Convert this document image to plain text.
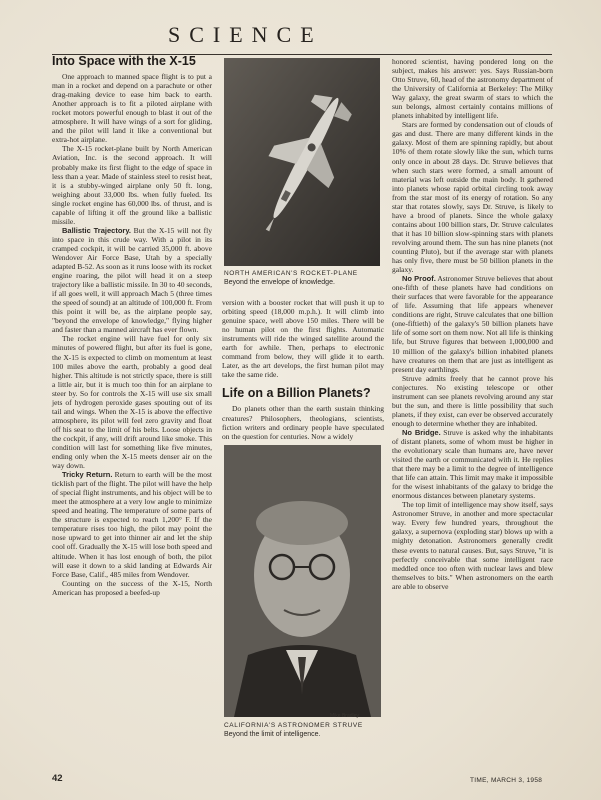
SCIENCE
Into Space with the X-15

One approach to manned space flight is to put a man in a rocket and depend on a parachute or other drag-making device to ease him back to earth. Another approach is to fit a piloted airplane with rocket motors powerful enough to blast it out of the atmosphere. It will have wings of a sort for gliding, and the pilot will land it like a conventional but extra-hot airplane.

The X-15 rocket-plane built by North American Aviation, Inc. is the second approach. It will probably make its first flight to the edge of space in less than a year. Made of stainless steel to resist heat, it is a stubby-winged airplane only 50 ft. long, weighing about 33,000 lbs. when fully fueled. Its single rocket engine has 60,000 lbs. of thrust, and is capable of lifting it off the ground like a ballistic missile.

Ballistic Trajectory. But the X-15 will not fly into space in this crude way. With a pilot in its cramped cockpit, it will be carried 35,000 ft. above Wendover Air Force Base, Utah by a specially adapted B-52. As soon as it runs loose with its rocket engine roaring, the pilot will head it on a steep trajectory like a ballistic missile. In 30 to 40 seconds, if all goes well, it will approach Mach 5 (three times the speed of sound) at an altitude of 100,000 ft. From this point it will be, as the airplane people say, "beyond the envelope of knowledge," flying higher and faster than a manned aircraft has ever flown.

The rocket engine will have fuel for only six minutes of powered flight, but after its fuel is gone, the X-15 is expected to climb on momentum at least 100 miles above the earth, probably a good deal higher. This altitude is not strictly space, there is still a little air, but it is much too thin for an airplane to steer by. So for controls the X-15 will use six small jets of hydrogen peroxide gases spouting out of its tail and wings. When the X-15 is above the effective atmosphere, its pilot will feel zero gravity and float off his seat to the limit of his belts. Loose objects in the cockpit, if any, will drift around like smoke. This condition will last for something like five minutes, ending only when the X-15 meets denser air on the way down.

Tricky Return. Return to earth will be the most ticklish part of the flight. The pilot will have the help of special flight instruments, and his object will be to meet the atmosphere at a very low angle to minimize speed and heating. The temperature of some parts of the structure is expected to reach 1,200° F. If the temperature rises too high, the pilot may point the nose upward to get into thinner air and let the ship cool off. Gradually the X-15 will lose both speed and altitude. When it has lost enough of both, the pilot will ease it down to a skid landing at Edwards Air Force Base, Calif., 485 miles from Wendover.

Counting on the success of the X-15, North American has proposed a beefed-up

NORTH AMERICAN'S ROCKET-PLANE
Beyond the envelope of knowledge.

version with a booster rocket that will push it up to orbiting speed (18,000 m.p.h.). It will climb into genuine space, well above 150 miles. There will be no human pilot on the first flights. Automatic instruments will ride the winged satellite around the earth for awhile. Then, perhaps to electronic command from below, they will glide it to earth. Later, as the art develops, the first human pilot may take the same ride.

Life on a Billion Planets?

Do planets other than the earth sustain thinking creatures? Philosophers, theologians, scientists, fiction writers and ordinary people have speculated on the question for centuries. Now a widely

Mike Bradley
CALIFORNIA'S ASTRONOMER STRUVE
Beyond the limit of intelligence.

honored scientist, having pondered long on the subject, makes his answer: yes. Says Russian-born Otto Struve, 60, head of the astronomy department of the University of California at Berkeley: The Milky Way galaxy, the great swarm of stars to which the sun belongs, almost certainly contains millions of planets inhabited by intelligent life.

Stars are formed by condensation out of clouds of gas and dust. There are many different kinds in the galaxy. Most of them are spinning rapidly, but about 10% of them rotate slowly like the sun, which turns only once in about 28 days. Dr. Struve believes that when such stars were formed, a small amount of material was left outside the main body. It gathered into planets whose rapid orbital circling took away from the star most of its energy of rotation. So any star that rotates slowly, says Dr. Struve, is likely to have a brood of planets. Since the whole galaxy contains about 100 billion stars, Dr. Struve calculates that it has 10 billion slow-spinning stars with planets revolving around them. The sun has nine planets (not counting Pluto), but if the average star with planets has only five, there must be 50 billion planets in the galaxy.

No Proof. Astronomer Struve believes that about one-fifth of these planets have had conditions on their surfaces that were favorable for the appearance of life. Assuming that life appears whenever conditions are right, Struve calculates that one billion (one-fiftieth) of the galaxy's 50 billion planets have life of some sort on them now. Not all life is thinking life, but Struve figures that between 1,000,000 and 10 million of the galaxy's billion inhabited planets have creatures on them that are just as intelligent as present day earthlings.

Struve admits freely that he cannot prove his conjectures. No existing telescope or other instrument can see planets revolving around any star but the sun, and there is little possibility that such planets, if they exist, can ever be observed accurately enough to determine whether they are inhabited.

No Bridge. Struve is asked why the inhabitants of distant planets, some of whom must be higher in the evolutionary scale than humans are, have never visited the earth or communicated with it. He replies that there may be a limit to the degree of intelligence that life can attain. This limit may make it impossible for the wisest inhabitants of the galaxy to bridge the enormous distances between planetary systems.

The top limit of intelligence may show itself, says Astronomer Struve, in another and more spectacular way. Every few hundred years, throughout the galaxy, a supernova (exploding star) blows up with a mighty detonation. Astronomers generally credit these events to natural causes. But, says Struve, "it is perfectly conceivable that some intelligent race meddled once too often with nuclear laws and blew themselves to bits." When astronomers on the earth are able to observe

42	TIME, MARCH 3, 1958
